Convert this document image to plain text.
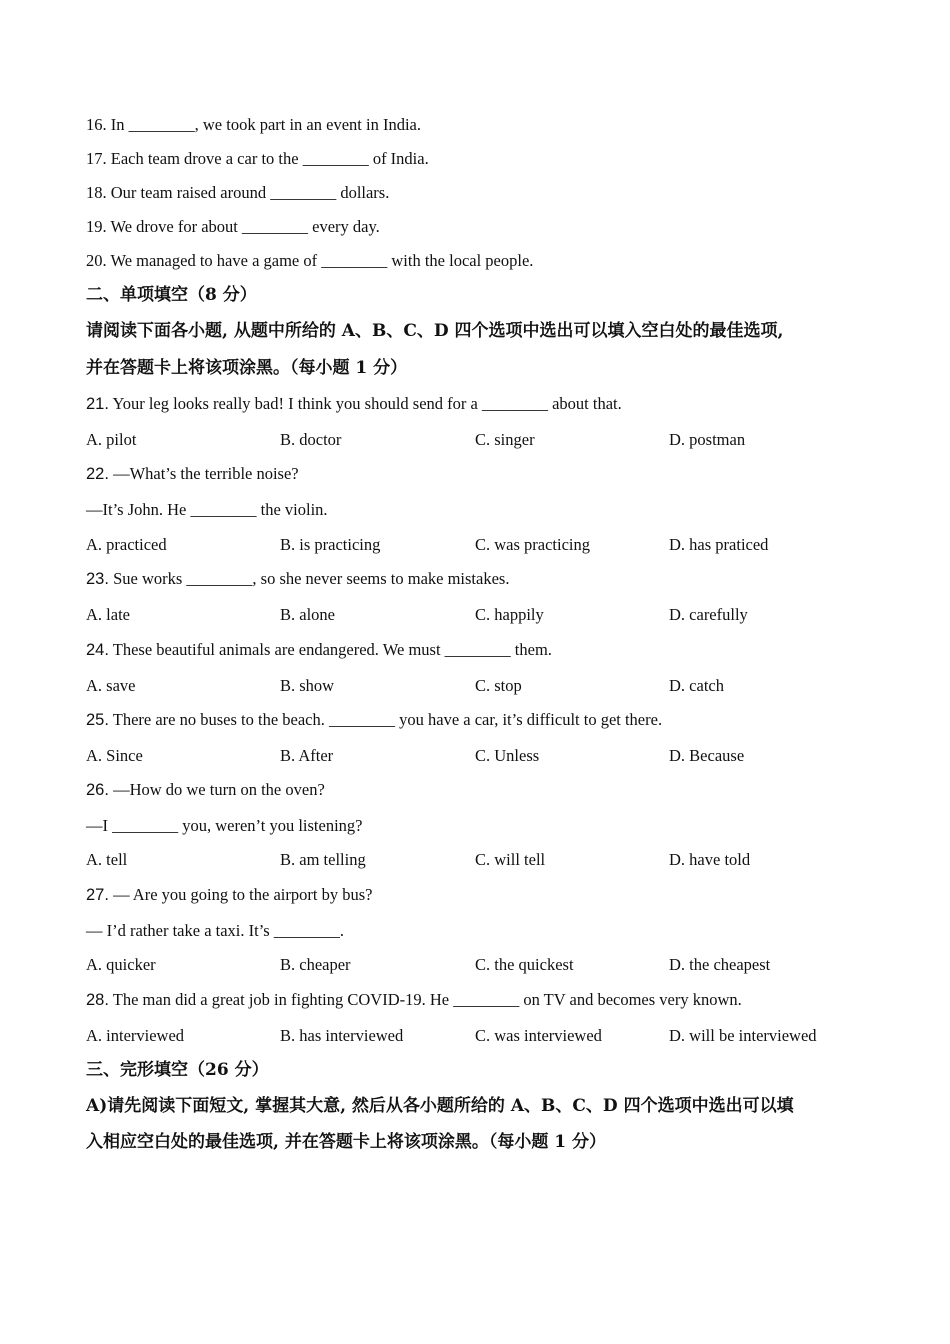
16. In ________, we took part in an event in India.
17. Each team drove a car to the ________ of India.
18. Our team raised around ________ dollars.
19. We drove for about ________ every day.
20. We managed to have a game of ________ with the local people.
二、单项填空（8 分）
请阅读下面各小题, 从题中所给的 A、B、C、D 四个选项中选出可以填入空白处的最佳选项,
并在答题卡上将该项涂黑。（每小题 1 分）
21. Your leg looks really bad! I think you should send for a ________ about that.
A. pilot	B. doctor	C. singer	D. postman
22. —What’s the terrible noise?
—It’s John. He ________ the violin.
A. practiced	B. is practicing	C. was practicing	D. has praticed
23. Sue works ________, so she never seems to make mistakes.
A. late	B. alone	C. happily	D. carefully
24. These beautiful animals are endangered. We must ________ them.
A. save	B. show	C. stop	D. catch
25. There are no buses to the beach. ________ you have a car, it’s difficult to get there.
A. Since	B. After	C. Unless	D. Because
26. —How do we turn on the oven?
—I ________ you, weren’t you listening?
A. tell	B. am telling	C. will tell	D. have told
27. — Are you going to the airport by bus?
— I’d rather take a taxi. It’s ________.
A. quicker	B. cheaper	C. the quickest	D. the cheapest
28. The man did a great job in fighting COVID-19. He ________ on TV and becomes very known.
A. interviewed	B. has interviewed	C. was interviewed	D. will be interviewed
三、完形填空（26 分）
A)请先阅读下面短文, 掌握其大意, 然后从各小题所给的 A、B、C、D 四个选项中选出可以填
入相应空白处的最佳选项, 并在答题卡上将该项涂黑。（每小题 1 分）
